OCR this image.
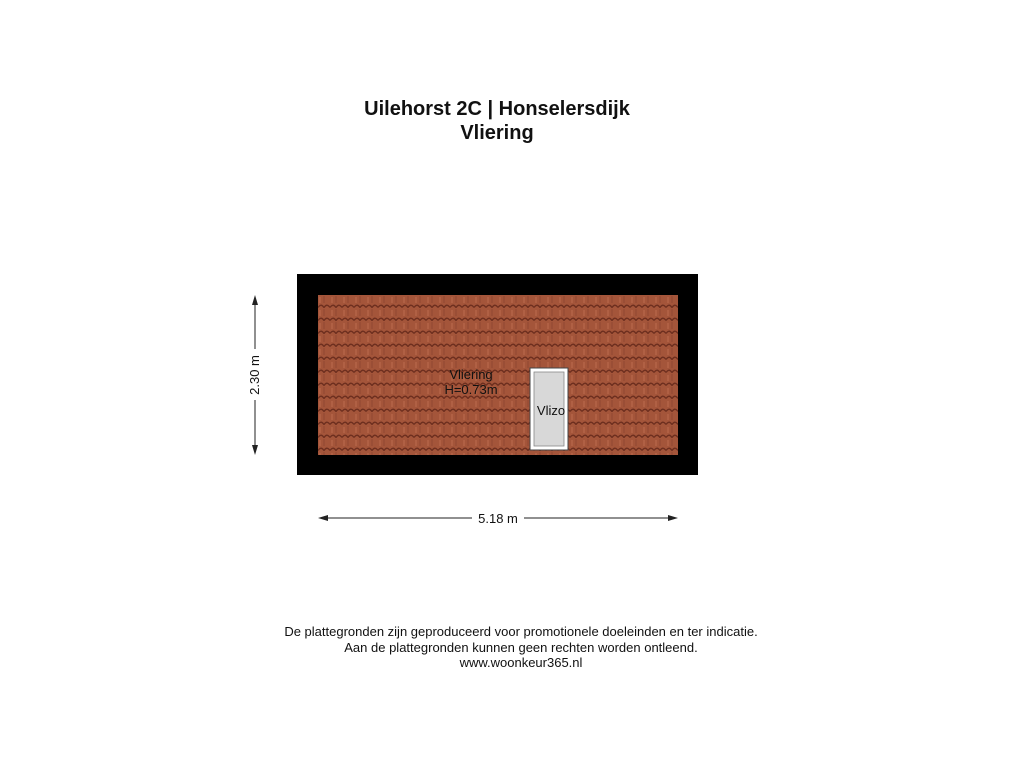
Uilehorst 2C | Honselersdijk
Vliering
Vliering
H=0.73m
Vlizo
5.18 m
2.30 m
De plattegronden zijn geproduceerd voor promotionele doeleinden en ter indicatie.
Aan de plattegronden kunnen geen rechten worden ontleend.
www.woonkeur365.nl
